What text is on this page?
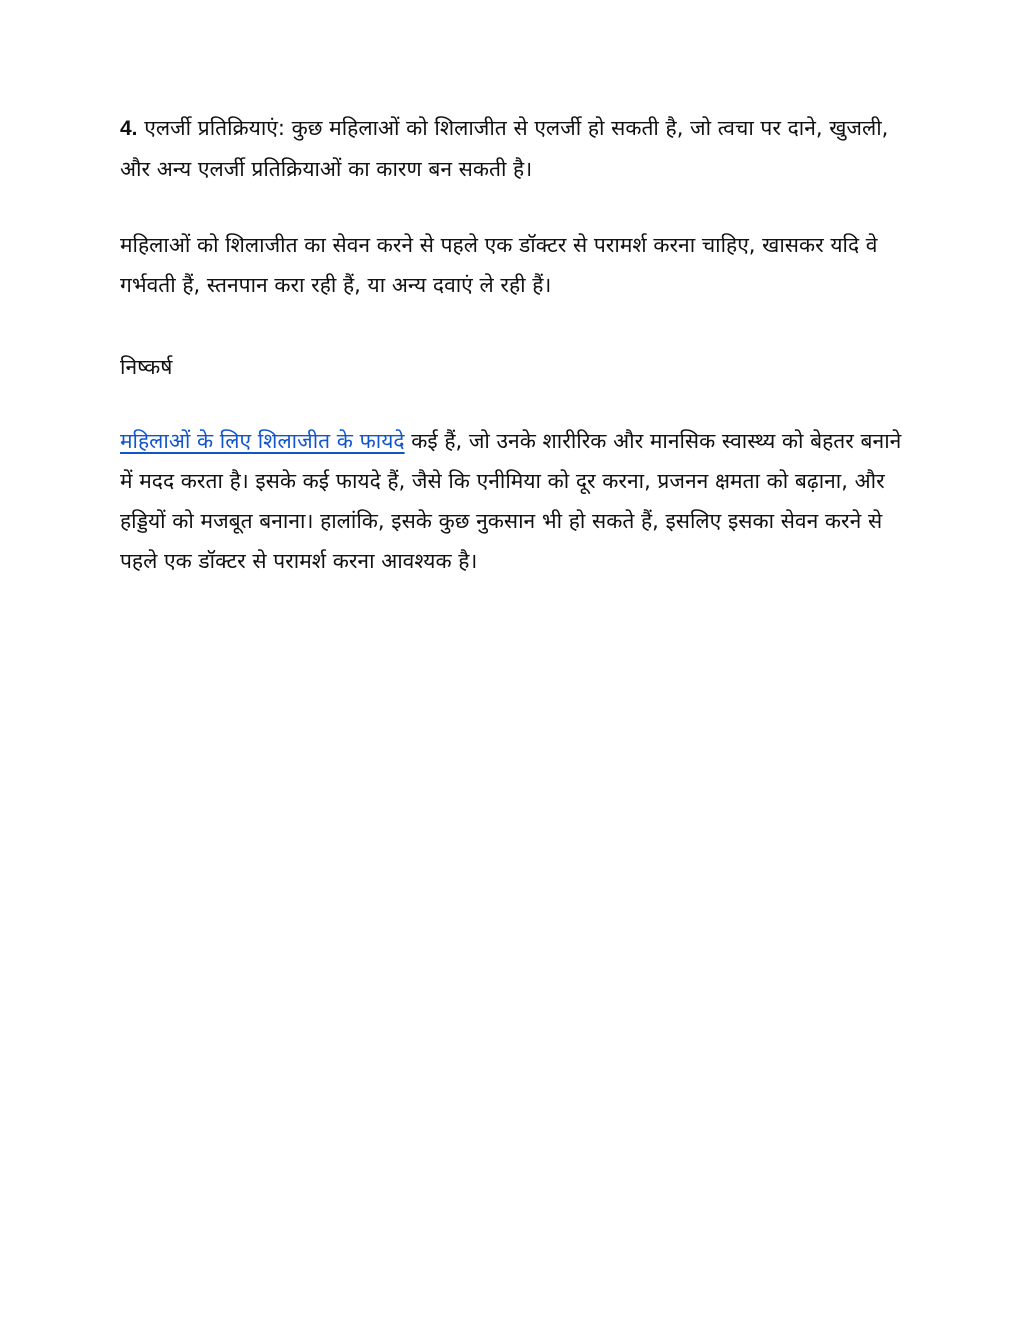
4. एलर्जी प्रतिक्रियाएं: कुछ महिलाओं को शिलाजीत से एलर्जी हो सकती है, जो त्वचा पर दाने, खुजली, और अन्य एलर्जी प्रतिक्रियाओं का कारण बन सकती है।

महिलाओं को शिलाजीत का सेवन करने से पहले एक डॉक्टर से परामर्श करना चाहिए, खासकर यदि वे गर्भवती हैं, स्तनपान करा रही हैं, या अन्य दवाएं ले रही हैं।

निष्कर्ष

महिलाओं के लिए शिलाजीत के फायदे कई हैं, जो उनके शारीरिक और मानसिक स्वास्थ्य को बेहतर बनाने में मदद करता है। इसके कई फायदे हैं, जैसे कि एनीमिया को दूर करना, प्रजनन क्षमता को बढ़ाना, और हड्डियों को मजबूत बनाना। हालांकि, इसके कुछ नुकसान भी हो सकते हैं, इसलिए इसका सेवन करने से पहले एक डॉक्टर से परामर्श करना आवश्यक है।
